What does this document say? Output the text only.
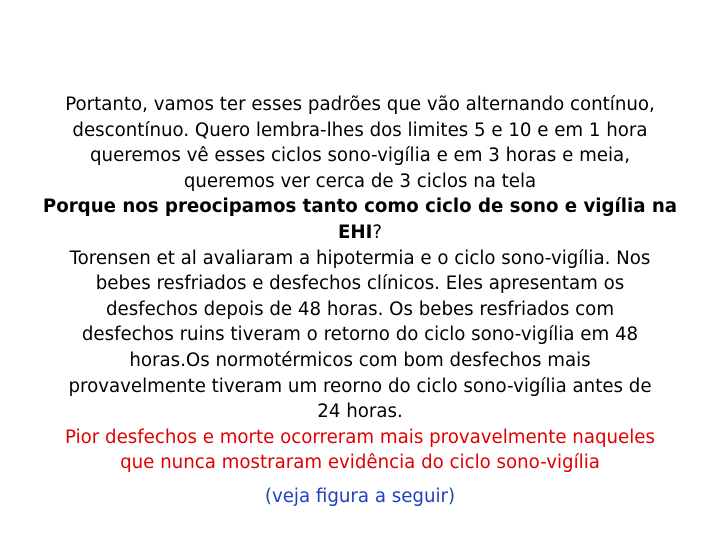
Portanto, vamos ter esses padrões que vão alternando contínuo,
descontínuo. Quero lembra-lhes dos limites 5 e 10 e em 1 hora
queremos vê esses ciclos sono-vigília e em 3 horas e meia,
queremos ver cerca de 3 ciclos na tela
Porque nos preocipamos tanto como ciclo de sono e vigília na
EHI?
Torensen et al avaliaram a hipotermia e o ciclo sono-vigília. Nos
bebes resfriados e desfechos clínicos. Eles apresentam os
desfechos depois de 48 horas. Os bebes resfriados com
desfechos ruins tiveram o retorno do ciclo sono-vigília em 48
horas.Os normotérmicos com bom desfechos mais
provavelmente tiveram um reorno do ciclo sono-vigília antes de
24 horas.
Pior desfechos e morte ocorreram mais provavelmente naqueles
que nunca mostraram evidência do ciclo sono-vigília
(veja figura a seguir)
